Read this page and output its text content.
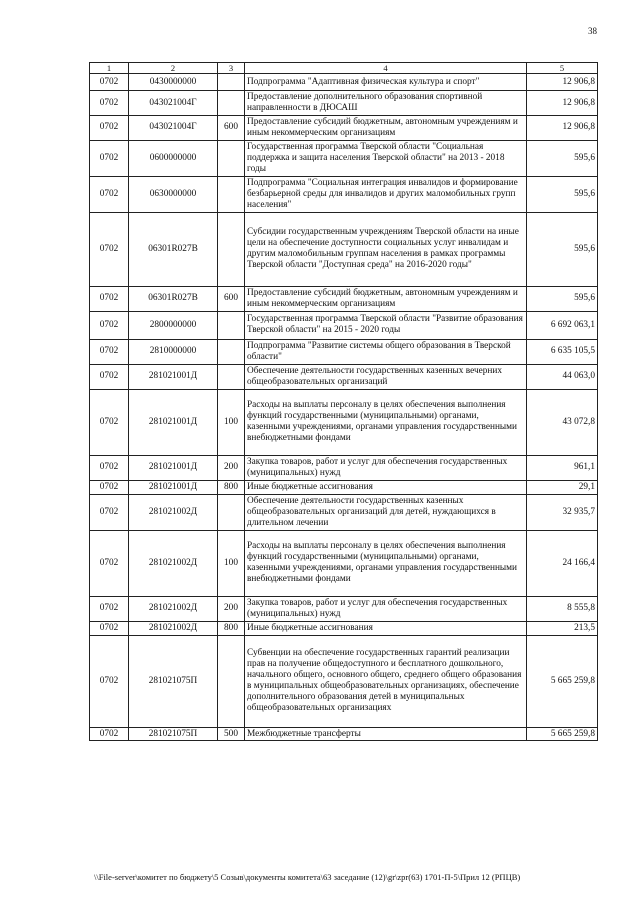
38
1	2	3	4	5
0702	0430000000		Подпрограмма "Адаптивная физическая культура и спорт"	12 906,8
0702	043021004Г		Предоставление дополнительного образования спортивной направленности в ДЮСАШ	12 906,8
0702	043021004Г	600	Предоставление субсидий бюджетным, автономным учреждениям и иным некоммерческим организациям	12 906,8
0702	0600000000		Государственная программа Тверской области "Социальная поддержка и защита населения Тверской области" на 2013 - 2018 годы	595,6
0702	0630000000		Подпрограмма "Социальная интеграция инвалидов и формирование безбарьерной среды для инвалидов и других маломобильных групп населения"	595,6
0702	06301R027B		Субсидии государственным учреждениям Тверской области на иные цели на обеспечение доступности социальных услуг инвалидам и другим маломобильным группам населения в рамках программы Тверской области "Доступная среда" на 2016-2020 годы"	595,6
0702	06301R027B	600	Предоставление субсидий бюджетным, автономным учреждениям и иным некоммерческим организациям	595,6
0702	2800000000		Государственная программа Тверской области "Развитие образования Тверской области" на 2015 - 2020 годы	6 692 063,1
0702	2810000000		Подпрограмма "Развитие системы общего образования в Тверской области"	6 635 105,5
0702	281021001Д		Обеспечение деятельности государственных казенных вечерних общеобразовательных организаций	44 063,0
0702	281021001Д	100	Расходы на выплаты персоналу в целях обеспечения выполнения функций государственными (муниципальными) органами, казенными учреждениями, органами управления государственными внебюджетными фондами	43 072,8
0702	281021001Д	200	Закупка товаров, работ и услуг для обеспечения государственных (муниципальных) нужд	961,1
0702	281021001Д	800	Иные бюджетные ассигнования	29,1
0702	281021002Д		Обеспечение деятельности государственных казенных общеобразовательных организаций для детей, нуждающихся в длительном лечении	32 935,7
0702	281021002Д	100	Расходы на выплаты персоналу в целях обеспечения выполнения функций государственными (муниципальными) органами, казенными учреждениями, органами управления государственными внебюджетными фондами	24 166,4
0702	281021002Д	200	Закупка товаров, работ и услуг для обеспечения государственных (муниципальных) нужд	8 555,8
0702	281021002Д	800	Иные бюджетные ассигнования	213,5
0702	281021075П		Субвенции на обеспечение государственных гарантий реализации прав на получение общедоступного и бесплатного дошкольного, начального общего, основного общего, среднего общего образования в муниципальных общеобразовательных организациях, обеспечение дополнительного образования детей в муниципальных общеобразовательных организациях	5 665 259,8
0702	281021075П	500	Межбюджетные трансферты	5 665 259,8
\\File-server\комитет по бюджету\5 Созыв\документы комитета\63 заседание (12)\gr\zpr(63) 1701-П-5\Прил 12 (РПЦВ)
